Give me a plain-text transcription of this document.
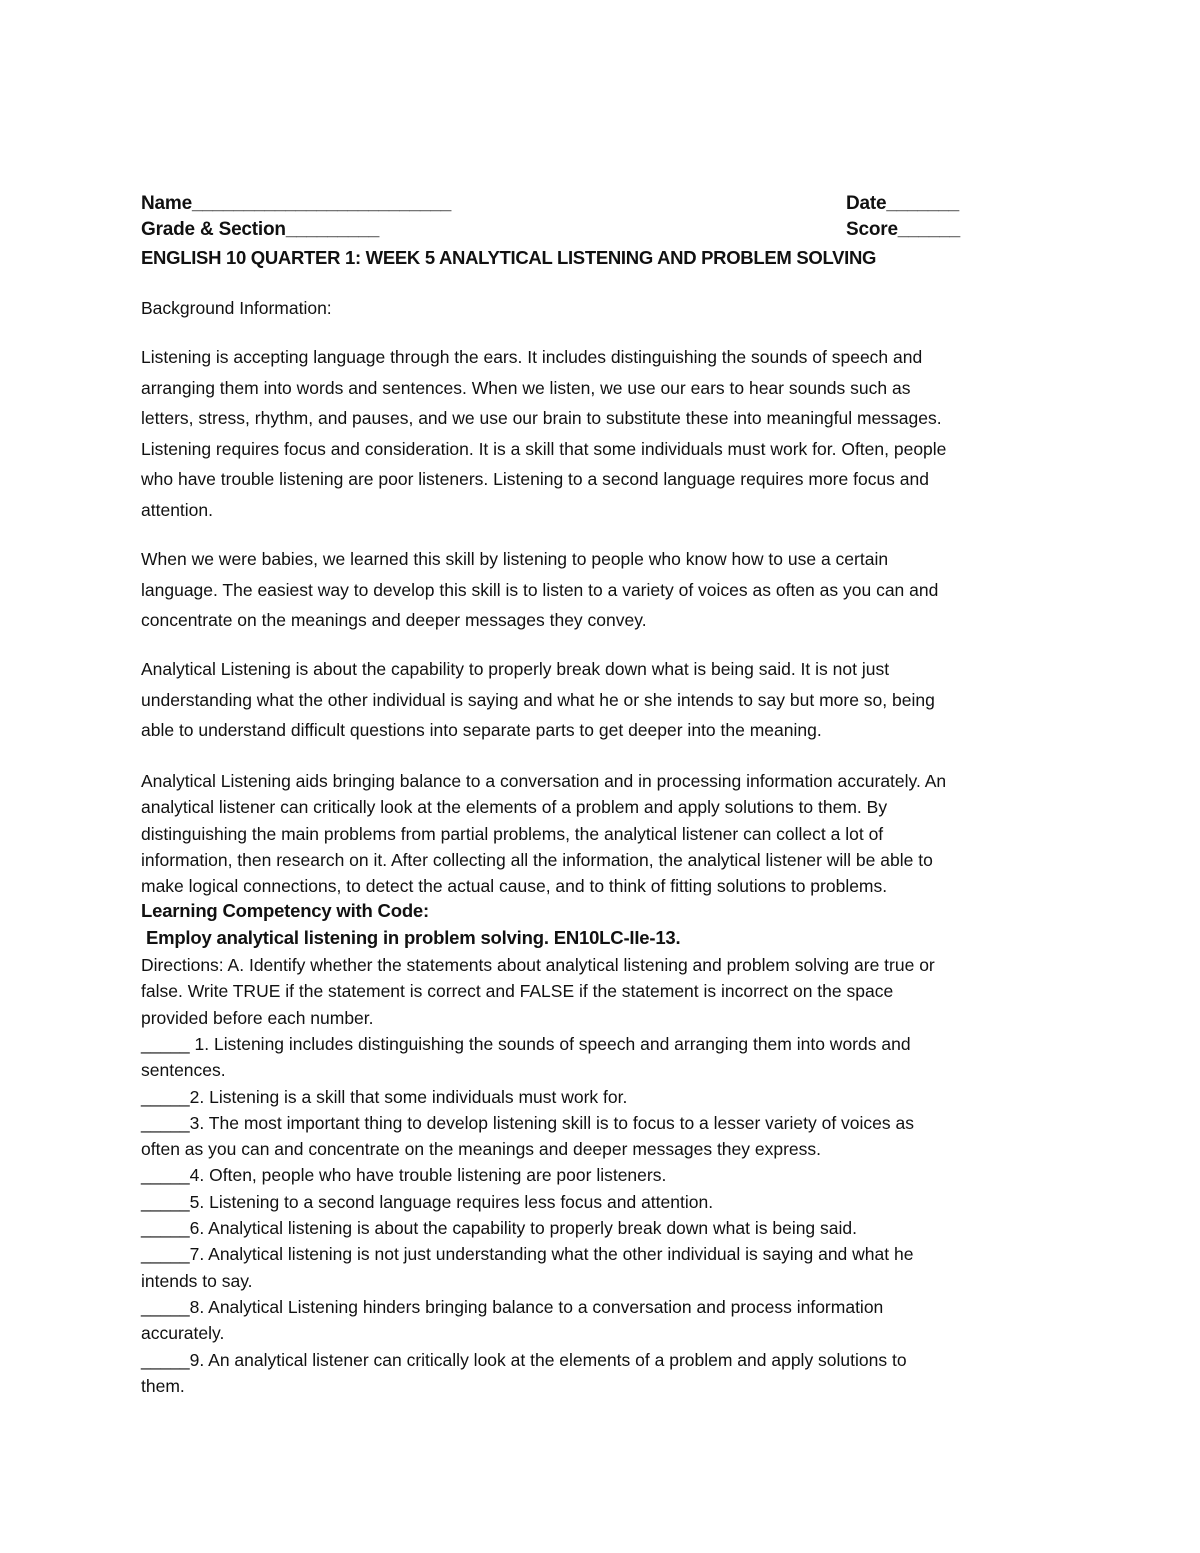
Name_________________________	Date_______
Grade & Section_________	Score______
ENGLISH 10 QUARTER 1: WEEK 5 ANALYTICAL LISTENING AND PROBLEM SOLVING
Background Information:
Listening is accepting language through the ears. It includes distinguishing the sounds of speech and
arranging them into words and sentences. When we listen, we use our ears to hear sounds such as
letters, stress, rhythm, and pauses, and we use our brain to substitute these into meaningful messages.
Listening requires focus and consideration. It is a skill that some individuals must work for. Often, people
who have trouble listening are poor listeners. Listening to a second language requires more focus and
attention.
When we were babies, we learned this skill by listening to people who know how to use a certain
language. The easiest way to develop this skill is to listen to a variety of voices as often as you can and
concentrate on the meanings and deeper messages they convey.
Analytical Listening is about the capability to properly break down what is being said. It is not just
understanding what the other individual is saying and what he or she intends to say but more so, being
able to understand difficult questions into separate parts to get deeper into the meaning.
Analytical Listening aids bringing balance to a conversation and in processing information accurately. An
analytical listener can critically look at the elements of a problem and apply solutions to them. By
distinguishing the main problems from partial problems, the analytical listener can collect a lot of
information, then research on it. After collecting all the information, the analytical listener will be able to
make logical connections, to detect the actual cause, and to think of fitting solutions to problems.
Learning Competency with Code:
Employ analytical listening in problem solving. EN10LC-IIe-13.
Directions: A. Identify whether the statements about analytical listening and problem solving are true or
false. Write TRUE if the statement is correct and FALSE if the statement is incorrect on the space
provided before each number.
_____ 1. Listening includes distinguishing the sounds of speech and arranging them into words and
sentences.
_____2. Listening is a skill that some individuals must work for.
_____3. The most important thing to develop listening skill is to focus to a lesser variety of voices as
often as you can and concentrate on the meanings and deeper messages they express.
_____4. Often, people who have trouble listening are poor listeners.
_____5. Listening to a second language requires less focus and attention.
_____6. Analytical listening is about the capability to properly break down what is being said.
_____7. Analytical listening is not just understanding what the other individual is saying and what he
intends to say.
_____8. Analytical Listening hinders bringing balance to a conversation and process information
accurately.
_____9. An analytical listener can critically look at the elements of a problem and apply solutions to
them.
